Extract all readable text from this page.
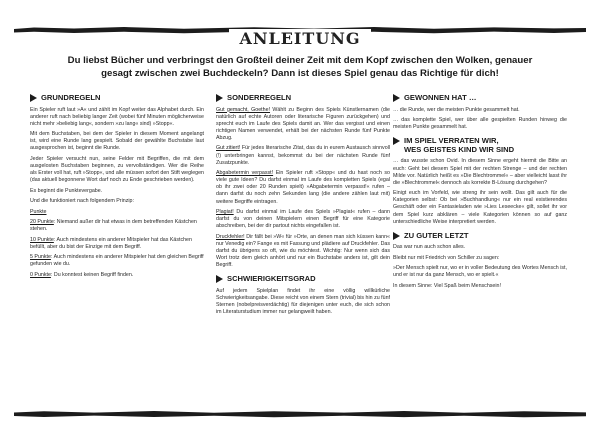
ANLEITUNG
Du liebst Bücher und verbringst den Großteil deiner Zeit mit dem Kopf zwischen den Wolken, genauer
gesagt zwischen zwei Buchdeckeln? Dann ist dieses Spiel genau das Richtige für dich!
GRUNDREGELN

Ein Spieler ruft laut »A« und zählt im Kopf weiter das Alphabet durch. Ein anderer ruft nach beliebig langer Zeit (wobei fünf Minuten möglicherweise nicht mehr »beliebig lang«, sondern »zu lang« sind) »Stopp«.

Mit dem Buchstaben, bei dem der Spieler in diesem Moment angelangt ist, wird eine Runde lang gespielt. Sobald der gewählte Buchstabe laut ausgesprochen ist, beginnt die Runde.

Jeder Spieler versucht nun, seine Felder mit Begriffen, die mit dem ausgelosten Buchstaben beginnen, zu vervollständigen. Wer die Reihe als Erster voll hat, ruft »Stopp«, und alle müssen sofort den Stift weglegen (das aktuell begonnene Wort darf noch zu Ende geschrieben werden).

Es beginnt die Punktevergabe.

Und die funktioniert nach folgendem Prinzip:

Punkte

20 Punkte: Niemand außer dir hat etwas in dem betreffenden Kästchen stehen.
10 Punkte: Auch mindestens ein anderer Mitspieler hat das Kästchen befüllt, aber du bist der Einzige mit dem Begriff.
5 Punkte: Auch mindestens ein anderer Mitspieler hat den gleichen Begriff gefunden wie du.
0 Punkte: Du konntest keinen Begriff finden.
SONDERREGELN

Gut gemacht, Goethe! Wählt zu Beginn des Spiels Künstlernamen (die natürlich auf echte Autoren oder literarische Figuren zurückgehen) und sprecht euch im Laufe des Spiels damit an. Wer das vergisst und einen richtigen Namen verwendet, erhält bei der nächsten Runde fünf Punkte Abzug.

Gut zitiert! Für jedes literarische Zitat, das du in eurem Austausch sinnvoll (!) unterbringen kannst, bekommst du bei der nächsten Runde fünf Zusatzpunkte.

Abgabetermin verpasst! Ein Spieler ruft »Stopp« und du hast noch so viele gute Ideen? Du darfst einmal im Laufe des kompletten Spiels (egal ob ihr zwei oder 20 Runden spielt) »Abgabetermin verpasst!« rufen – dann darfst du noch zehn Sekunden lang (die andere zählen laut mit) weitere Begriffe eintragen.

Plagiat! Du darfst einmal im Laufe des Spiels »Plagiat« rufen – dann darfst du von deinen Mitspielern einen Begriff für eine Kategorie abschreiben, bei der dir partout nichts eingefallen ist.

Druckfehler! Dir fällt bei »W« für »Orte, an denen man sich küssen kann« nur Venedig ein? Fange es mit Fassung und plädiere auf Druckfehler. Das darfst du übrigens so oft, wie du möchtest. Wichtig: Nur wenn sich das Wort trotz dem gleich anhört und nur ein Buchstabe anders ist, gilt dein Begriff.

SCHWIERIGKEITSGRAD

Auf jedem Spielplan findet ihr eine völlig willkürliche Schwierigkeitsangabe. Diese reicht von einem Stern (trivial) bis hin zu fünf Sternen (nobelpreisverdächtig) für diejenigen unter euch, die sich schon im Literaturstudium immer nur gelangweilt haben.

GEWONNEN HAT …

… die Runde, wer die meisten Punkte gesammelt hat.

… das komplette Spiel, wer über alle gespielten Runden hinweg die meisten Punkte gesammelt hat.

IM SPIEL VERRATEN WIR,
WES GEISTES KIND WIR SIND

… das wusste schon Ovid. In diesem Sinne ergeht hiermit die Bitte an euch: Geht bei diesem Spiel mit der rechten Strenge – und der rechten Milde vor. Natürlich heißt es »Die Blechtrommel« – aber vielleicht lasst ihr die »Blechtrommel« dennoch als korrekte B-Lösung durchgehen?

Einigt euch im Vorfeld, wie streng ihr sein wollt. Das gilt auch für die Kategorien selbst: Ob bei »Buchhandlung« nur ein real existierendes Geschäft oder ein Fantasieladen wie »Lies Leseecke« gilt, sollet ihr vor dem Spiel kurz abklären – viele Kategorien können so auf ganz unterschiedliche Weise interpretiert werden.

ZU GUTER LETZT

Das war nun auch schon alles.

Bleibt nur mit Friedrich von Schiller zu sagen:

»Der Mensch spielt nur, wo er in voller Bedeutung des Wortes Mensch ist, und er ist nur da ganz Mensch, wo er spielt.«

In diesem Sinne: Viel Spaß beim Menschsein!
